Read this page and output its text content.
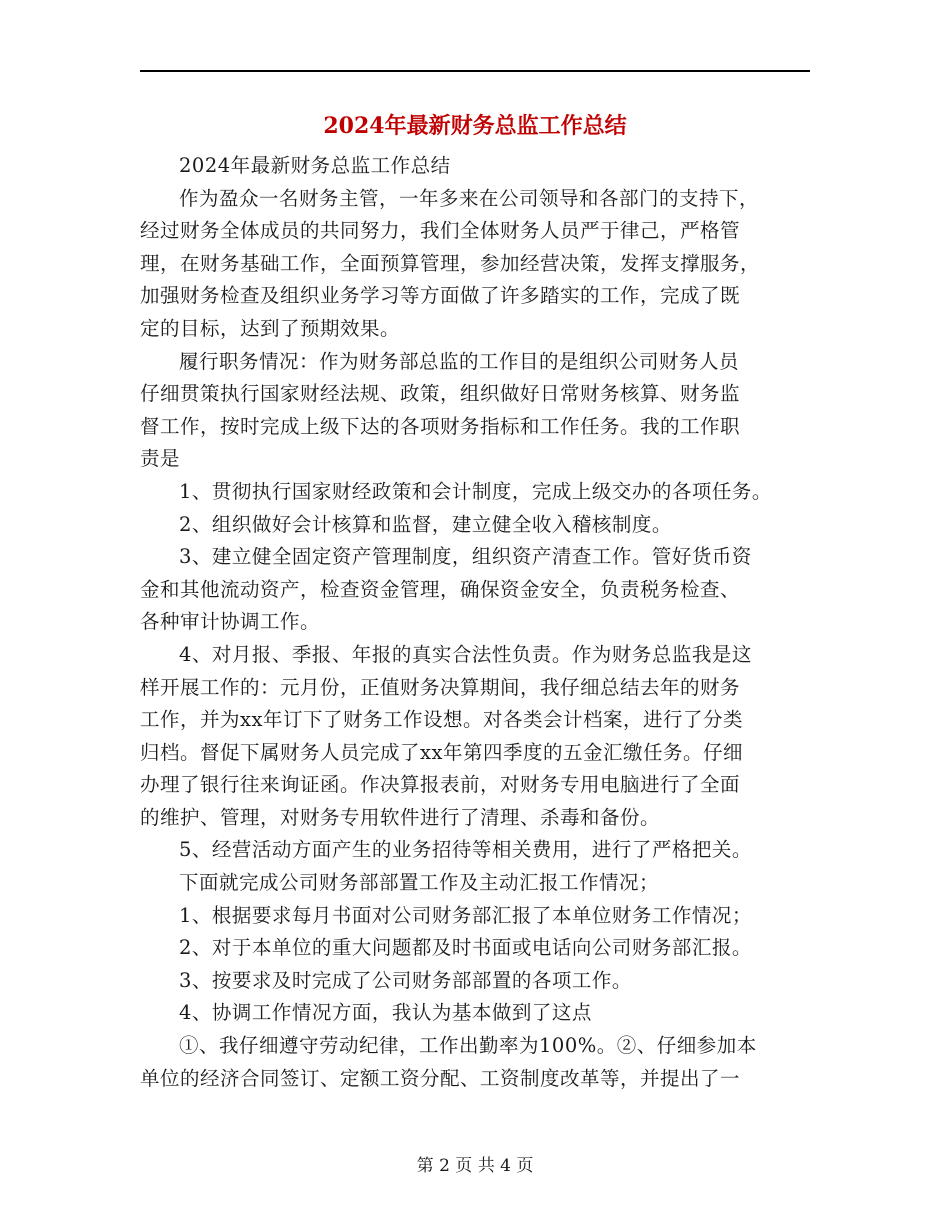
2024年最新财务总监工作总结

2024年最新财务总监工作总结

作为盈众一名财务主管，一年多来在公司领导和各部门的支持下，

经过财务全体成员的共同努力，我们全体财务人员严于律己，严格管

理，在财务基础工作，全面预算管理，参加经营决策，发挥支撑服务，

加强财务检查及组织业务学习等方面做了许多踏实的工作，完成了既

定的目标，达到了预期效果。

履行职务情况：作为财务部总监的工作目的是组织公司财务人员

仔细贯策执行国家财经法规、政策，组织做好日常财务核算、财务监

督工作，按时完成上级下达的各项财务指标和工作任务。我的工作职

责是

1、贯彻执行国家财经政策和会计制度，完成上级交办的各项任务。

2、组织做好会计核算和监督，建立健全收入稽核制度。

3、建立健全固定资产管理制度，组织资产清查工作。管好货币资

金和其他流动资产，检查资金管理，确保资金安全，负责税务检查、

各种审计协调工作。

4、对月报、季报、年报的真实合法性负责。作为财务总监我是这

样开展工作的：元月份，正值财务决算期间，我仔细总结去年的财务

工作，并为xx年订下了财务工作设想。对各类会计档案，进行了分类

归档。督促下属财务人员完成了xx年第四季度的五金汇缴任务。仔细

办理了银行往来询证函。作决算报表前，对财务专用电脑进行了全面

的维护、管理，对财务专用软件进行了清理、杀毒和备份。

5、经营活动方面产生的业务招待等相关费用，进行了严格把关。

下面就完成公司财务部部置工作及主动汇报工作情况；

1、根据要求每月书面对公司财务部汇报了本单位财务工作情况；

2、对于本单位的重大问题都及时书面或电话向公司财务部汇报。

3、按要求及时完成了公司财务部部置的各项工作。

4、协调工作情况方面，我认为基本做到了这点

①、我仔细遵守劳动纪律，工作出勤率为100%。②、仔细参加本

单位的经济合同签订、定额工资分配、工资制度改革等，并提出了一

第 2 页 共 4 页
